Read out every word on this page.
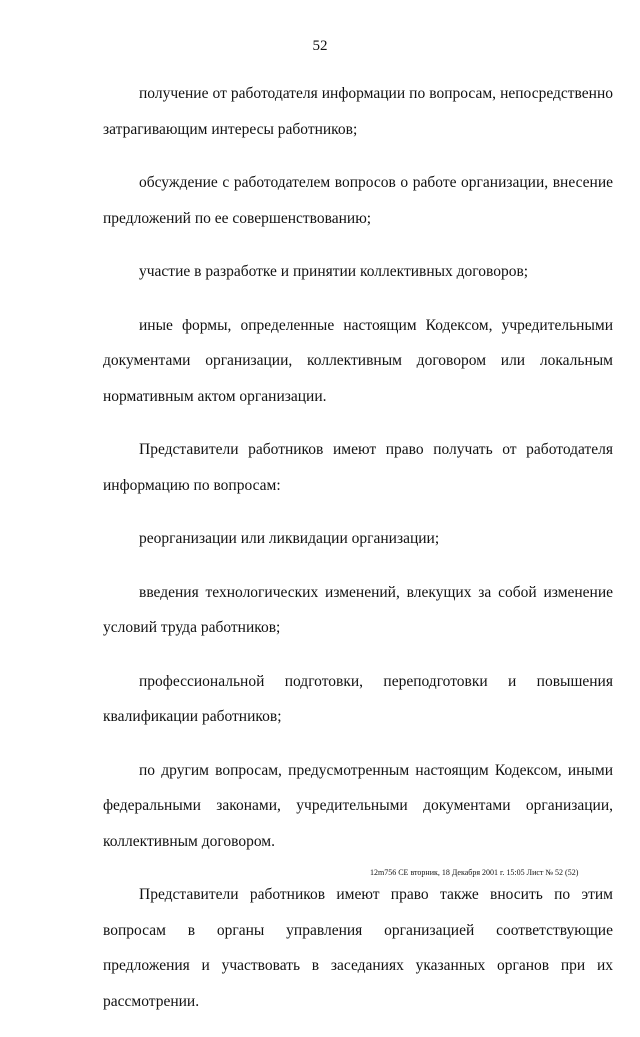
52

получение от работодателя информации по вопросам, непосредственно затрагивающим интересы работников;

обсуждение с работодателем вопросов о работе организации, внесение предложений по ее совершенствованию;

участие в разработке и принятии коллективных договоров;

иные формы, определенные настоящим Кодексом, учредительными документами организации, коллективным договором или локальным нормативным актом организации.

Представители работников имеют право получать от работодателя информацию по вопросам:

реорганизации или ликвидации организации;

введения технологических изменений, влекущих за собой изменение условий труда работников;

профессиональной подготовки, переподготовки и повышения квалификации работников;

по другим вопросам, предусмотренным настоящим Кодексом, иными федеральными законами, учредительными документами организации, коллективным договором.

Представители работников имеют право также вносить по этим вопросам в органы управления организацией соответствующие предложения и участвовать в заседаниях указанных органов при их рассмотрении.

12m756 СЕ вторник, 18 Декабря 2001 г. 15:05 Лист № 52 (52)
